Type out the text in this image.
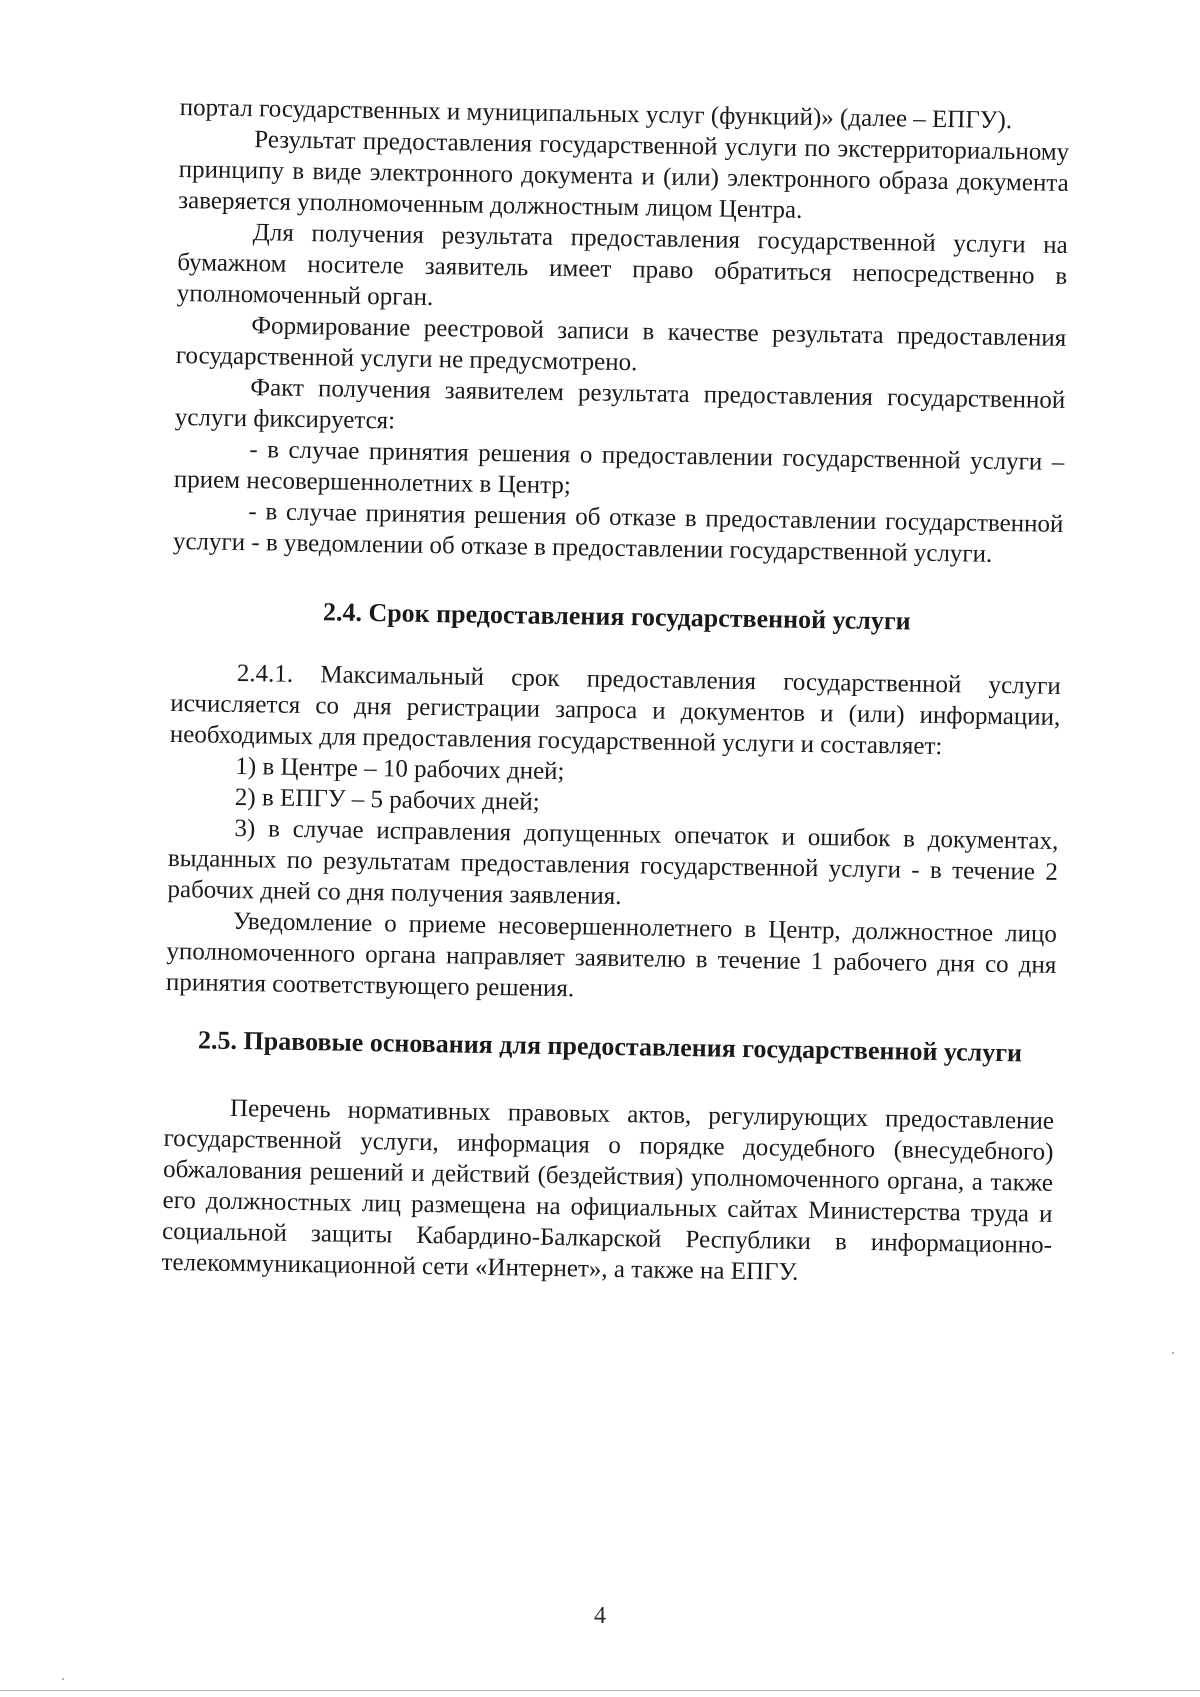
портал государственных и муниципальных услуг (функций)» (далее – ЕПГУ).

Результат предоставления государственной услуги по экстерриториальному принципу в виде электронного документа и (или) электронного образа документа заверяется уполномоченным должностным лицом Центра.

Для получения результата предоставления государственной услуги на бумажном носителе заявитель имеет право обратиться непосредственно в уполномоченный орган.

Формирование реестровой записи в качестве результата предоставления государственной услуги не предусмотрено.

Факт получения заявителем результата предоставления государственной услуги фиксируется:

- в случае принятия решения о предоставлении государственной услуги –прием несовершеннолетних в Центр;

- в случае принятия решения об отказе в предоставлении государственной услуги - в уведомлении об отказе в предоставлении государственной услуги.

2.4. Срок предоставления государственной услуги

2.4.1. Максимальный срок предоставления государственной услуги исчисляется со дня регистрации запроса и документов и (или) информации, необходимых для предоставления государственной услуги и составляет:

1) в Центре – 10 рабочих дней;

2) в ЕПГУ – 5 рабочих дней;

3) в случае исправления допущенных опечаток и ошибок в документах, выданных по результатам предоставления государственной услуги - в течение 2 рабочих дней со дня получения заявления.

Уведомление о приеме несовершеннолетнего в Центр, должностное лицо уполномоченного органа направляет заявителю в течение 1 рабочего дня со дня принятия соответствующего решения.

2.5. Правовые основания для предоставления государственной услуги

Перечень нормативных правовых актов, регулирующих предоставление государственной услуги, информация о порядке досудебного (внесудебного) обжалования решений и действий (бездействия) уполномоченного органа, а также его должностных лиц размещена на официальных сайтах Министерства труда и социальной защиты Кабардино-Балкарской Республики в информационно-телекоммуникационной сети «Интернет», а также на ЕПГУ.

4
